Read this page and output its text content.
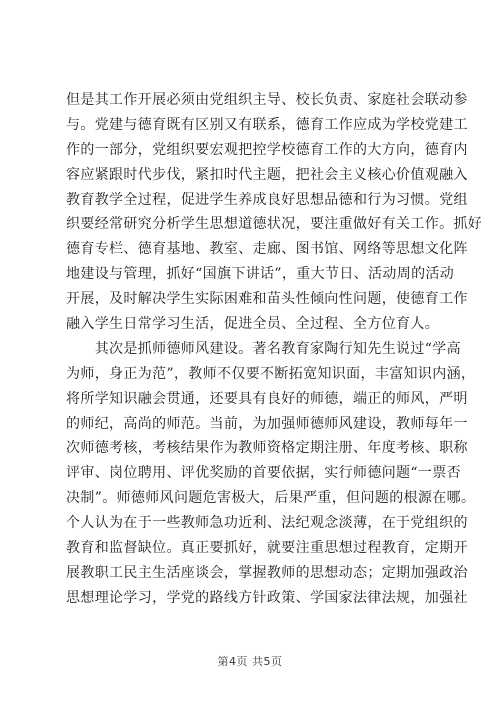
但是其工作开展必须由党组织主导、校长负责、家庭社会联动参
与。党建与德育既有区别又有联系，德育工作应成为学校党建工
作的一部分，党组织要宏观把控学校德育工作的大方向，德育内
容应紧跟时代步伐，紧扣时代主题，把社会主义核心价值观融入
教育教学全过程，促进学生养成良好思想品德和行为习惯。党组
织要经常研究分析学生思想道德状况，要注重做好有关工作。抓好
德育专栏、德育基地、教室、走廊、图书馆、网络等思想文化阵
地建设与管理，抓好“国旗下讲话”，重大节日、活动周的活动
开展，及时解决学生实际困难和苗头性倾向性问题，使德育工作
融入学生日常学习生活，促进全员、全过程、全方位育人。
　　其次是抓师德师风建设。著名教育家陶行知先生说过“学高
为师，身正为范”，教师不仅要不断拓宽知识面，丰富知识内涵，
将所学知识融会贯通，还要具有良好的师德，端正的师风，严明
的师纪，高尚的师范。当前，为加强师德师风建设，教师每年一
次师德考核，考核结果作为教师资格定期注册、年度考核、职称
评审、岗位聘用、评优奖励的首要依据，实行师德问题“一票否
决制”。师德师风问题危害极大，后果严重，但问题的根源在哪。
个人认为在于一些教师急功近利、法纪观念淡薄，在于党组织的
教育和监督缺位。真正要抓好，就要注重思想过程教育，定期开
展教职工民主生活座谈会，掌握教师的思想动态；定期加强政治
思想理论学习，学党的路线方针政策、学国家法律法规，加强社
第4页 共5页
